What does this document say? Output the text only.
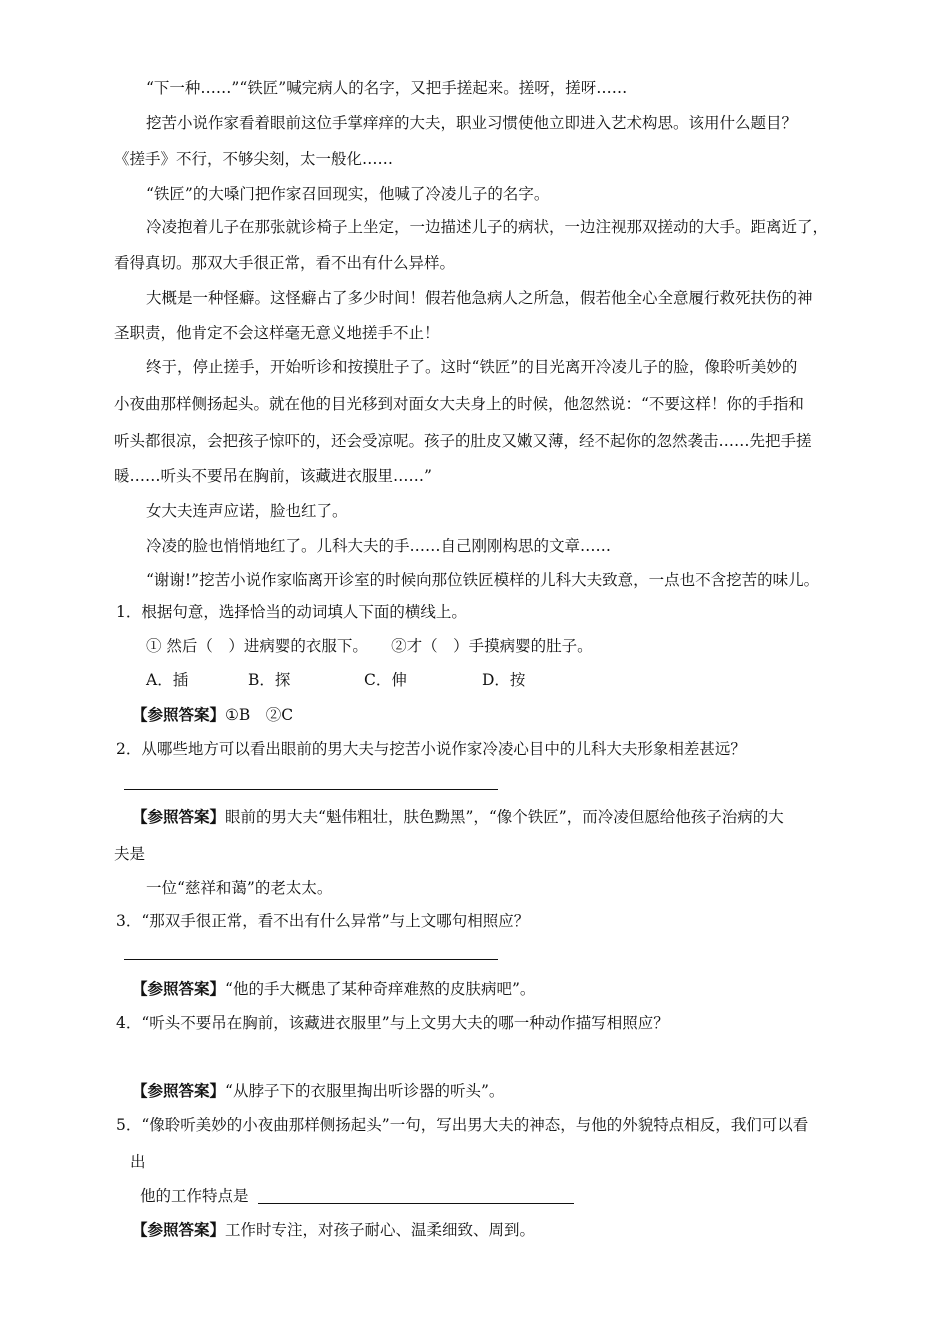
“下一种……”“铁匠”喊完病人的名字，又把手搓起来。搓呀，搓呀……
挖苦小说作家看着眼前这位手掌痒痒的大夫，职业习惯使他立即进入艺术构思。该用什么题目？
《搓手》不行，不够尖刻，太一般化……
“铁匠”的大嗓门把作家召回现实，他喊了冷凌儿子的名字。
冷凌抱着儿子在那张就诊椅子上坐定，一边描述儿子的病状，一边注视那双搓动的大手。距离近了，
看得真切。那双大手很正常，看不出有什么异样。
大概是一种怪癖。这怪癖占了多少时间！假若他急病人之所急，假若他全心全意履行救死扶伤的神
圣职责，他肯定不会这样毫无意义地搓手不止！
终于，停止搓手，开始听诊和按摸肚子了。这时“铁匠”的目光离开冷凌儿子的脸，像聆听美妙的
小夜曲那样侧扬起头。就在他的目光移到对面女大夫身上的时候，他忽然说：“不要这样！你的手指和
听头都很凉，会把孩子惊吓的，还会受凉呢。孩子的肚皮又嫩又薄，经不起你的忽然袭击……先把手搓
暖……听头不要吊在胸前，该藏进衣服里……”
女大夫连声应诺，脸也红了。
冷凌的脸也悄悄地红了。儿科大夫的手……自己刚刚构思的文章……
“谢谢!”挖苦小说作家临离开诊室的时候向那位铁匠模样的儿科大夫致意，一点也不含挖苦的味儿。
1．根据句意，选择恰当的动词填人下面的横线上。
① 然后（　）进病婴的衣服下。　　②才（　）手摸病婴的肚子。
A．插	B．探	C．伸	D．按
【参照答案】①B　②C
2．从哪些地方可以看出眼前的男大夫与挖苦小说作家冷凌心目中的儿科大夫形象相差甚远？
【参照答案】眼前的男大夫“魁伟粗壮，肤色黝黑”，“像个铁匠”，而冷凌但愿给他孩子治病的大
夫是
一位“慈祥和蔼”的老太太。
3．“那双手很正常，看不出有什么异常”与上文哪句相照应？
【参照答案】“他的手大概患了某种奇痒难熬的皮肤病吧”。
4．“听头不要吊在胸前，该藏进衣服里”与上文男大夫的哪一种动作描写相照应？
【参照答案】“从脖子下的衣服里掏出听诊器的听头”。
5．“像聆听美妙的小夜曲那样侧扬起头”一句，写出男大夫的神态，与他的外貌特点相反，我们可以看
出
他的工作特点是
【参照答案】工作时专注，对孩子耐心、温柔细致、周到。
